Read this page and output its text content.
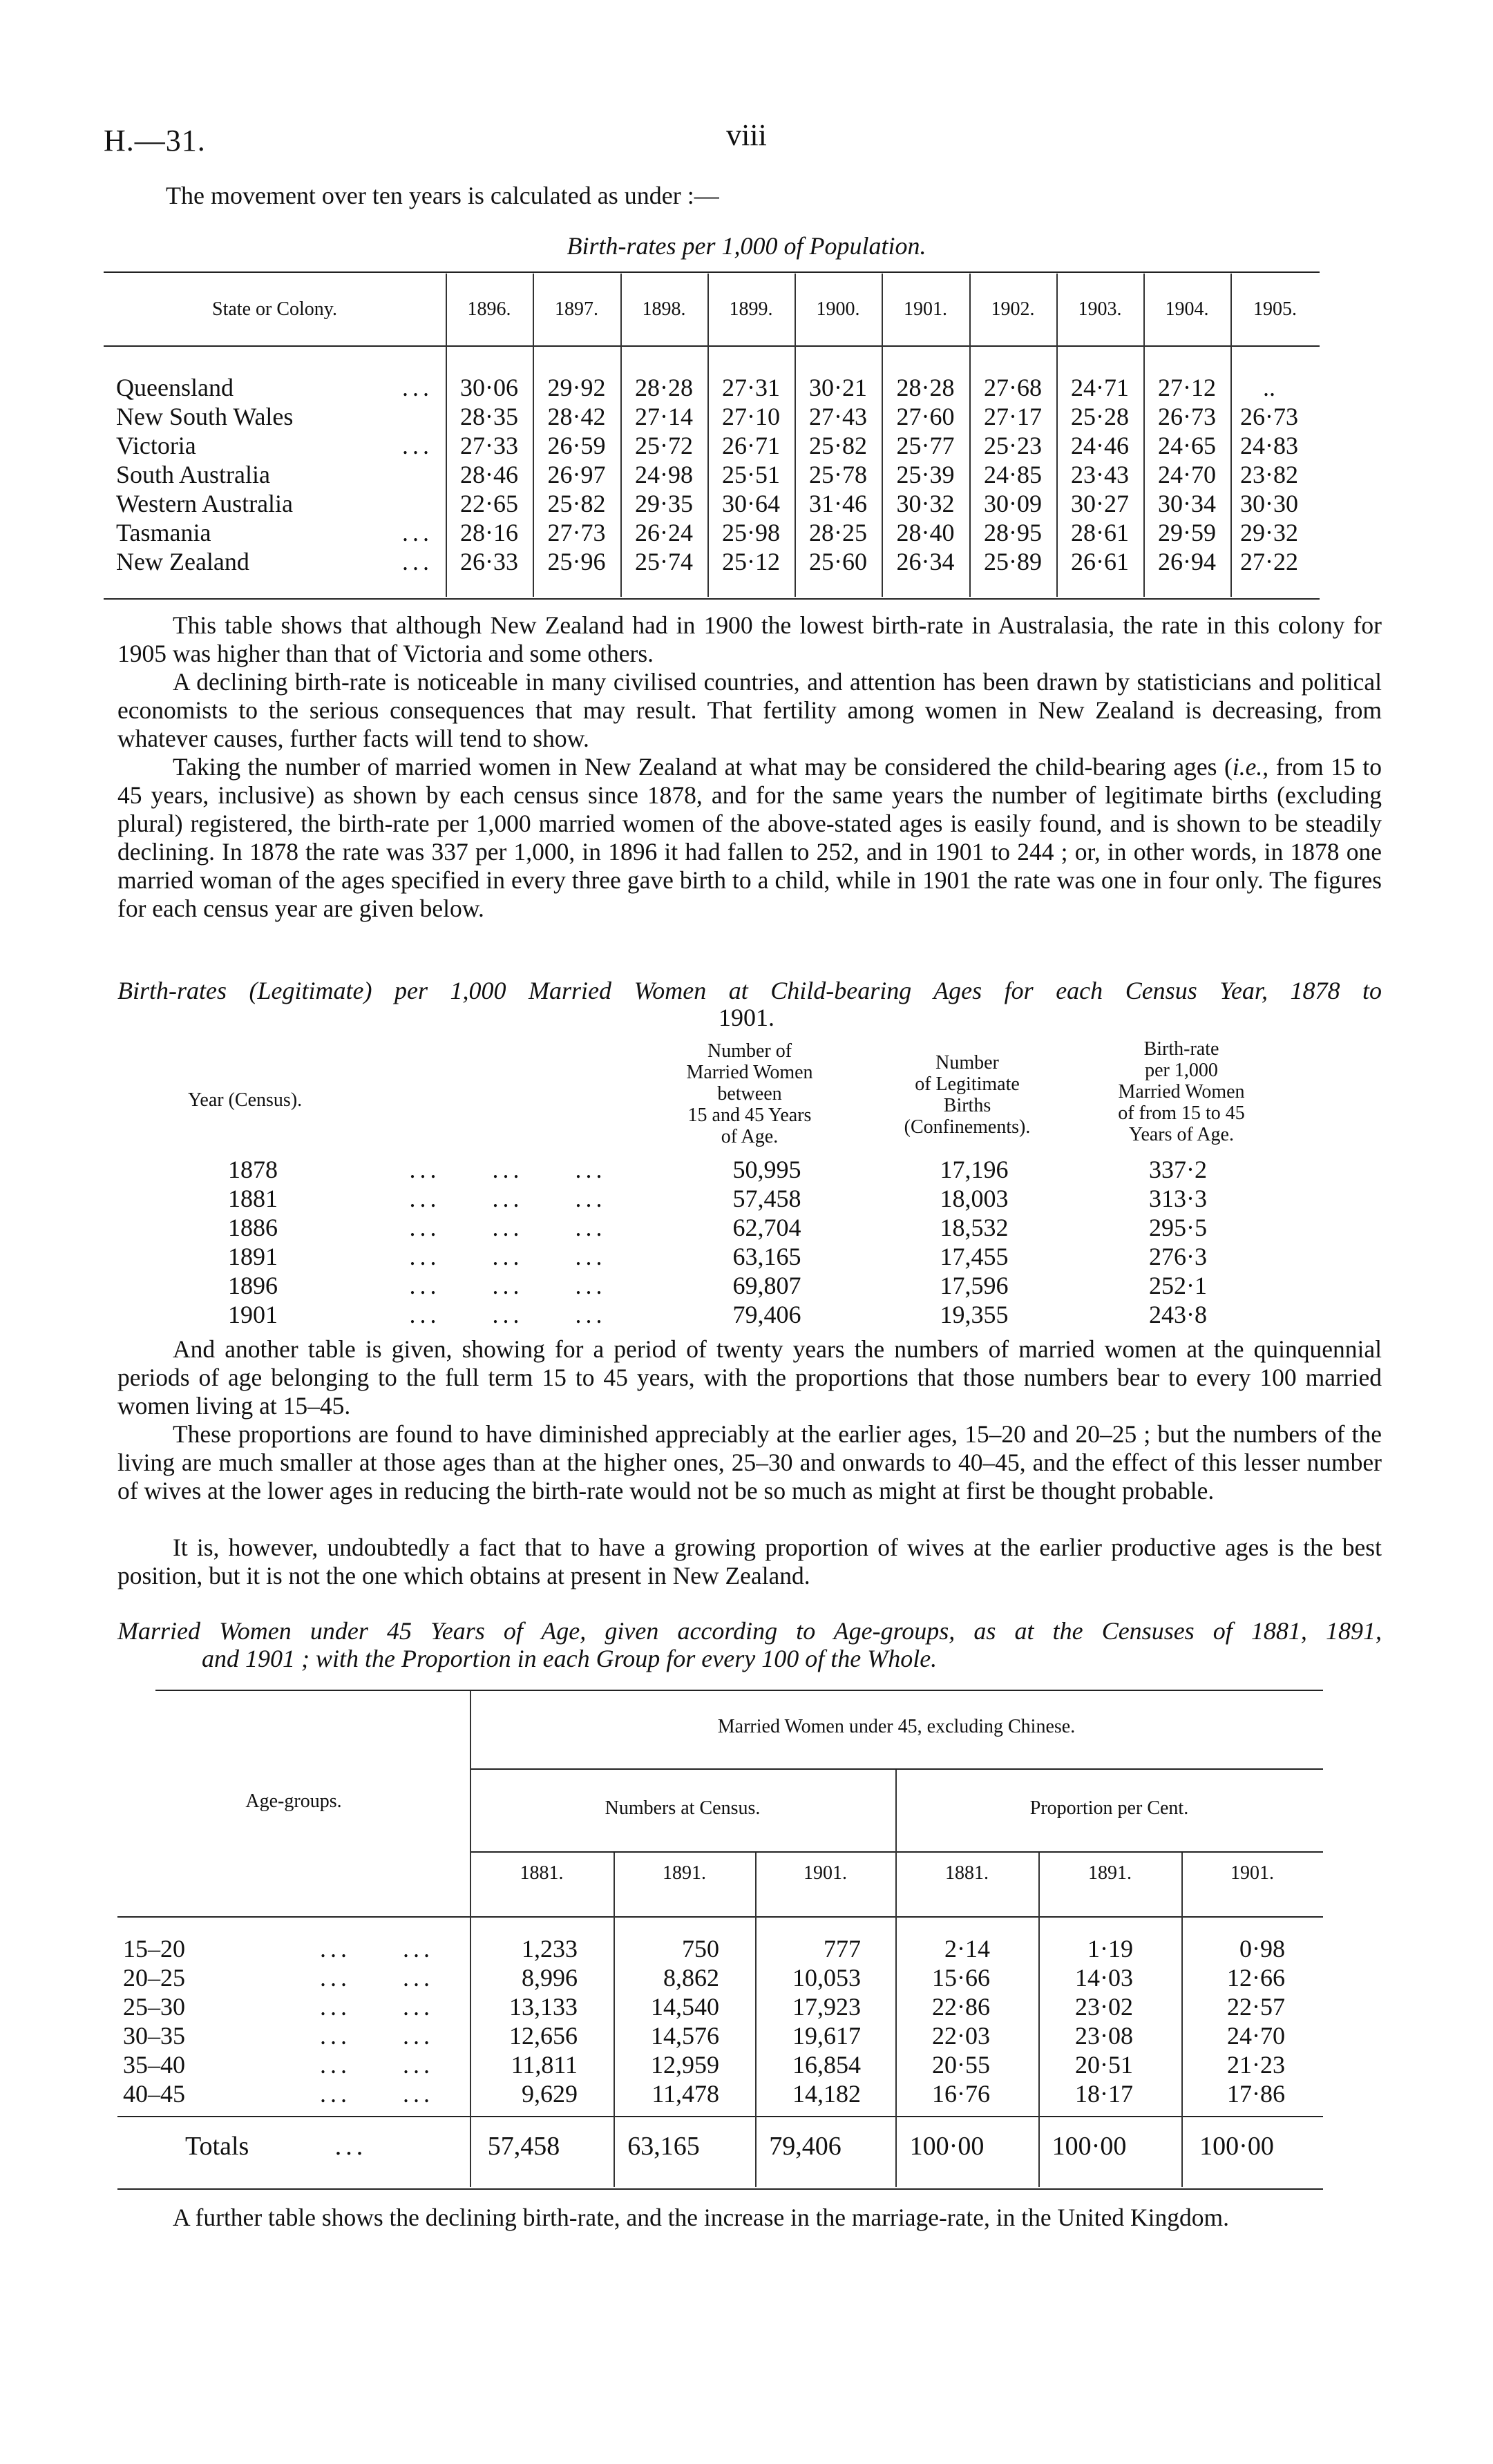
H.—31.	viii
The movement over ten years is calculated as under :—
Birth-rates per 1,000 of Population.
State or Colony.	1896.	1897.	1898.	1899.	1900.	1901.	1902.	1903.	1904.	1905.

Queensland	...	30·06	29·92	28·28	27·31	30·21	28·28	27·68	24·71	27·12	..
New South Wales		28·35	28·42	27·14	27·10	27·43	27·60	27·17	25·28	26·73	26·73
Victoria	...	27·33	26·59	25·72	26·71	25·82	25·77	25·23	24·46	24·65	24·83
South Australia		28·46	26·97	24·98	25·51	25·78	25·39	24·85	23·43	24·70	23·82
Western Australia		22·65	25·82	29·35	30·64	31·46	30·32	30·09	30·27	30·34	30·30
Tasmania	...	28·16	27·73	26·24	25·98	28·25	28·40	28·95	28·61	29·59	29·32
New Zealand	...	26·33	25·96	25·74	25·12	25·60	26·34	25·89	26·61	26·94	27·22

This table shows that although New Zealand had in 1900 the lowest birth-rate in Australasia, the rate in this colony for 1905 was higher than that of Victoria and some others.

A declining birth-rate is noticeable in many civilised countries, and attention has been drawn by statisticians and political economists to the serious consequences that may result. That fertility among women in New Zealand is decreasing, from whatever causes, further facts will tend to show.

Taking the number of married women in New Zealand at what may be considered the child-bearing ages (i.e., from 15 to 45 years, inclusive) as shown by each census since 1878, and for the same years the number of legitimate births (excluding plural) registered, the birth-rate per 1,000 married women of the above-stated ages is easily found, and is shown to be steadily declining. In 1878 the rate was 337 per 1,000, in 1896 it had fallen to 252, and in 1901 to 244 ; or, in other words, in 1878 one married woman of the ages specified in every three gave birth to a child, while in 1901 the rate was one in four only. The figures for each census year are given below.

Birth-rates (Legitimate) per 1,000 Married Women at Child-bearing Ages for each Census Year, 1878 to
1901.
Year (Census).
Number of
Married Women
between
15 and 45 Years
of Age.
Number
of Legitimate
Births
(Confinements).
Birth-rate
per 1,000
Married Women
of from 15 to 45
Years of Age.
1878	...     ...     ...	50,995	17,196	337·2
1881	...     ...     ...	57,458	18,003	313·3
1886	...     ...     ...	62,704	18,532	295·5
1891	...     ...     ...	63,165	17,455	276·3
1896	...     ...     ...	69,807	17,596	252·1
1901	...     ...     ...	79,406	19,355	243·8

And another table is given, showing for a period of twenty years the numbers of married women at the quinquennial periods of age belonging to the full term 15 to 45 years, with the proportions that those numbers bear to every 100 married women living at 15–45.

These proportions are found to have diminished appreciably at the earlier ages, 15–20 and 20–25 ; but the numbers of the living are much smaller at those ages than at the higher ones, 25–30 and onwards to 40–45, and the effect of this lesser number of wives at the lower ages in reducing the birth-rate would not be so much as might at first be thought probable.

It is, however, undoubtedly a fact that to have a growing proportion of wives at the earlier productive ages is the best position, but it is not the one which obtains at present in New Zealand.

Married Women under 45 Years of Age, given according to Age-groups, as at the Censuses of 1881, 1891,
and 1901 ; with the Proportion in each Group for every 100 of the Whole.
Age-groups.
Married Women under 45, excluding Chinese.
Numbers at Census.	Proportion per Cent.
1881.	1891.	1901.	1881.	1891.	1901.
15–20	...     ...	1,233	750	777	2·14	1·19	0·98
20–25	...     ...	8,996	8,862	10,053	15·66	14·03	12·66
25–30	...     ...	13,133	14,540	17,923	22·86	23·02	22·57
30–35	...     ...	12,656	14,576	19,617	22·03	23·08	24·70
35–40	...     ...	11,811	12,959	16,854	20·55	20·51	21·23
40–45	...     ...	9,629	11,478	14,182	16·76	18·17	17·86
Totals	...	57,458	63,165	79,406	100·00	100·00	100·00

A further table shows the declining birth-rate, and the increase in the marriage-rate, in the United Kingdom.
